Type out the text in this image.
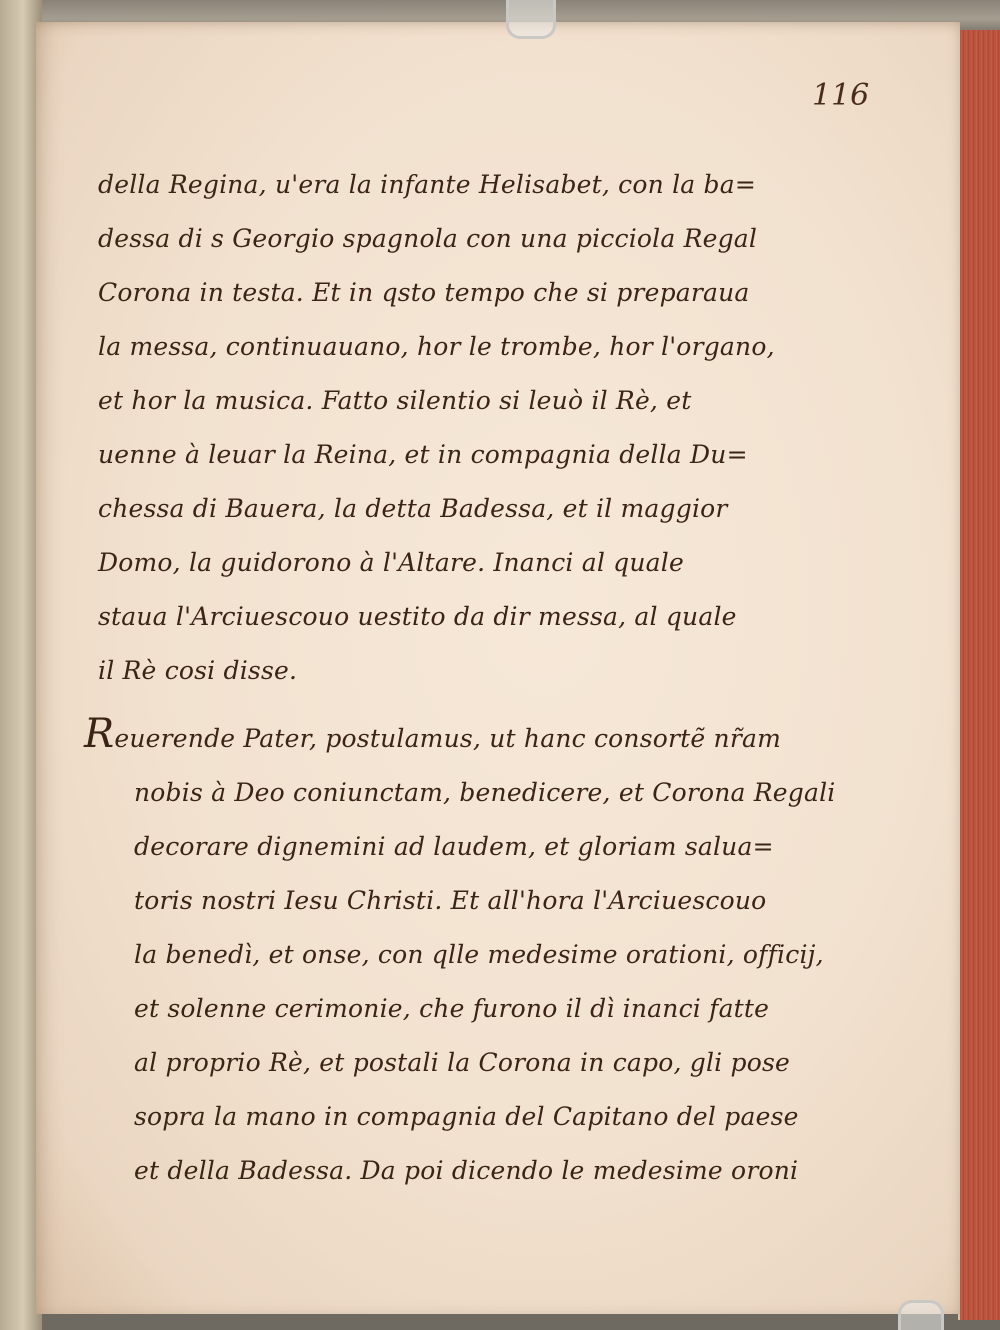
116
della Regina, u'era la infante Helisabet, con la ba=
dessa di s Georgio spagnola con una picciola Regal
Corona in testa. Et in qsto tempo che si preparaua
la messa, continuauano, hor le trombe, hor l'organo,
et hor la musica. Fatto silentio si leuò il Rè, et
uenne à leuar la Reina, et in compagnia della Du=
chessa di Bauera, la detta Badessa, et il maggior
Domo, la guidorono à l'Altare. Inanci al quale
staua l'Arciuescouo uestito da dir messa, al quale
il Rè cosi disse.
Reuerende Pater, postulamus, ut hanc consortẽ nr̃am
nobis à Deo coniunctam, benedicere, et Corona Regali
decorare dignemini ad laudem, et gloriam salua=
toris nostri Iesu Christi. Et all'hora l'Arciuescouo
la benedì, et onse, con qlle medesime orationi, officij,
et solenne cerimonie, che furono il dì inanci fatte
al proprio Rè, et postali la Corona in capo, gli pose
sopra la mano in compagnia del Capitano del paese
et della Badessa. Da poi dicendo le medesime oroni
